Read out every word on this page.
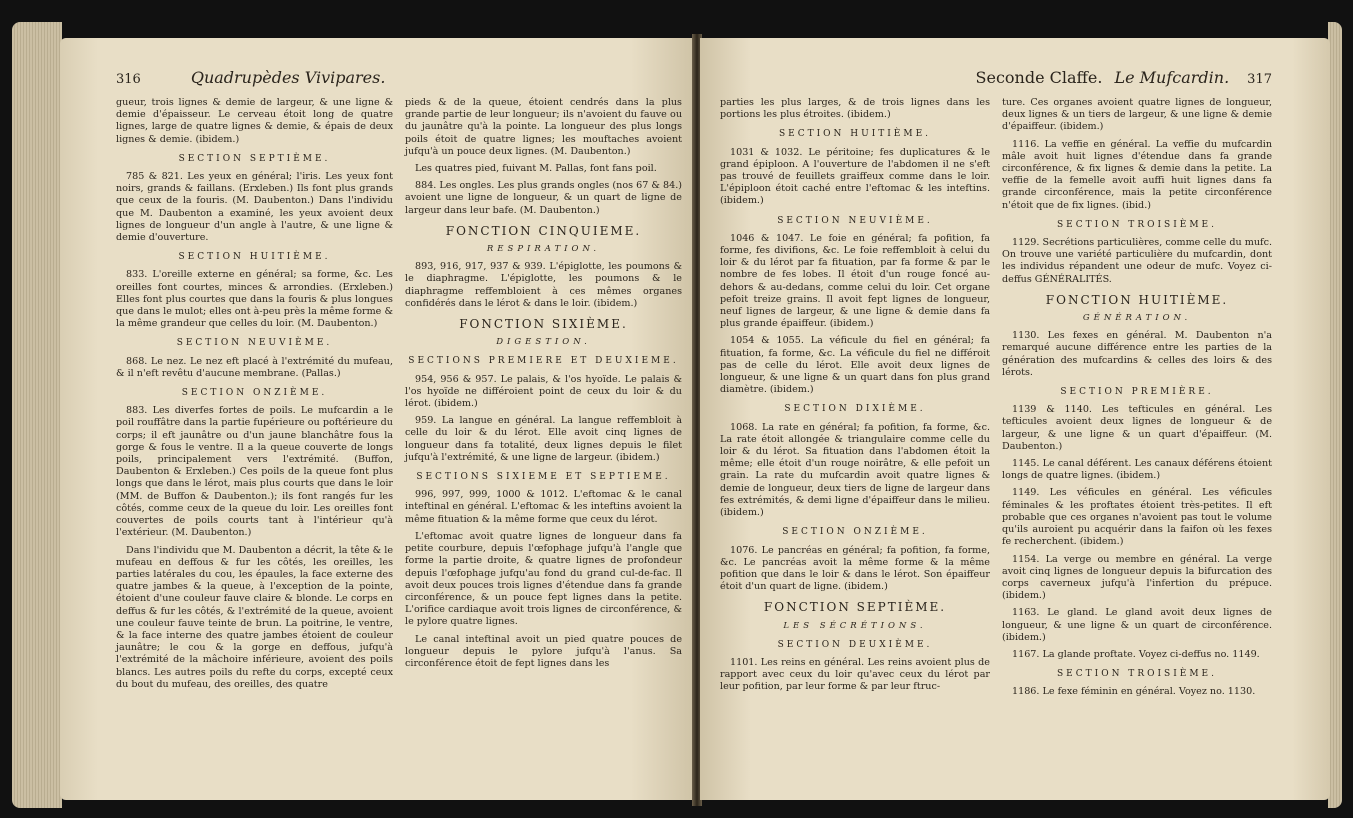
316	Quadrupèdes Vivipares.

gueur, trois lignes & demie de largeur, & une ligne & demie d'épaisseur. Le cerveau étoit long de quatre lignes, large de quatre lignes & demie, & épais de deux lignes & demie. (ibidem.)

SECTION SEPTIÈME.

785 & 821. Les yeux en général; l'iris. Les yeux font noirs, grands & faillans. (Erxleben.) Ils font plus grands que ceux de la fouris. (M. Daubenton.) Dans l'individu que M. Daubenton a examiné, les yeux avoient deux lignes de longueur d'un angle à l'autre, & une ligne & demie d'ouverture.

SECTION HUITIÈME.

833. L'oreille externe en général; sa forme, &c. Les oreilles font courtes, minces & arrondies. (Erxleben.) Elles font plus courtes que dans la fouris & plus longues que dans le mulot; elles ont à-peu près la même forme & la même grandeur que celles du loir. (M. Daubenton.)

SECTION NEUVIÈME.

868. Le nez. Le nez eft placé à l'extrémité du mufeau, & il n'eft revêtu d'aucune membrane. (Pallas.)

SECTION ONZIÈME.

883. Les diverfes fortes de poils. Le mufcardin a le poil rouffâtre dans la partie fupérieure ou poftérieure du corps; il eft jaunâtre ou d'un jaune blanchâtre fous la gorge & fous le ventre. Il a la queue couverte de longs poils, principalement vers l'extrémité. (Buffon, Daubenton & Erxleben.) Ces poils de la queue font plus longs que dans le lérot, mais plus courts que dans le loir (MM. de Buffon & Daubenton.); ils font rangés fur les côtés, comme ceux de la queue du loir. Les oreilles font couvertes de poils courts tant à l'intérieur qu'à l'extérieur. (M. Daubenton.)

Dans l'individu que M. Daubenton a décrit, la tête & le mufeau en deffous & fur les côtés, les oreilles, les parties latérales du cou, les épaules, la face externe des quatre jambes & la queue, à l'exception de la pointe, étoient d'une couleur fauve claire & blonde. Le corps en deffus & fur les côtés, & l'extrémité de la queue, avoient une couleur fauve teinte de brun. La poitrine, le ventre, & la face interne des quatre jambes étoient de couleur jaunâtre; le cou & la gorge en deffous, jufqu'à l'extrémité de la mâchoire inférieure, avoient des poils blancs. Les autres poils du refte du corps, excepté ceux du bout du mufeau, des oreilles, des quatre

pieds & de la queue, étoient cendrés dans la plus grande partie de leur longueur; ils n'avoient du fauve ou du jaunâtre qu'à la pointe. La longueur des plus longs poils étoit de quatre lignes; les mouftaches avoient jufqu'à un pouce deux lignes. (M. Daubenton.)

Les quatres pied, fuivant M. Pallas, font fans poil.

884. Les ongles. Les plus grands ongles (nos 67 & 84.) avoient une ligne de longueur, & un quart de ligne de largeur dans leur bafe. (M. Daubenton.)

FONCTION CINQUIEME.
RESPIRATION.

893, 916, 917, 937 & 939. L'épiglotte, les poumons & le diaphragme. L'épiglotte, les poumons & le diaphragme reffembloient à ces mêmes organes confidérés dans le lérot & dans le loir. (ibidem.)

FONCTION SIXIÈME.
DIGESTION.
SECTIONS PREMIERE ET DEUXIEME.

954, 956 & 957. Le palais, & l'os hyoïde. Le palais & l'os hyoïde ne différoient point de ceux du loir & du lérot. (ibidem.)

959. La langue en général. La langue reffembloit à celle du loir & du lérot. Elle avoit cinq lignes de longueur dans fa totalité, deux lignes depuis le filet jufqu'à l'extrémité, & une ligne de largeur. (ibidem.)

SECTIONS SIXIEME ET SEPTIEME.

996, 997, 999, 1000 & 1012. L'eftomac & le canal inteftinal en général. L'eftomac & les inteftins avoient la même fituation & la même forme que ceux du lérot.

L'eftomac avoit quatre lignes de longueur dans fa petite courbure, depuis l'œfophage jufqu'à l'angle que forme la partie droite, & quatre lignes de profondeur depuis l'œfophage jufqu'au fond du grand cul-de-fac. Il avoit deux pouces trois lignes d'étendue dans fa grande circonférence, & un pouce fept lignes dans la petite. L'orifice cardiaque avoit trois lignes de circonférence, & le pylore quatre lignes.

Le canal inteftinal avoit un pied quatre pouces de longueur depuis le pylore jufqu'à l'anus. Sa circonférence étoit de fept lignes dans les

Seconde Claffe. Le Mufcardin. 317

parties les plus larges, & de trois lignes dans les portions les plus étroites. (ibidem.)

SECTION HUITIÈME.

1031 & 1032. Le péritoine; fes duplicatures & le grand épiploon. A l'ouverture de l'abdomen il ne s'eft pas trouvé de feuillets graiffeux comme dans le loir. L'épiploon étoit caché entre l'eftomac & les inteftins. (ibidem.)

SECTION NEUVIÈME.

1046 & 1047. Le foie en général; fa pofition, fa forme, fes divifions, &c. Le foie reffembloit à celui du loir & du lérot par fa fituation, par fa forme & par le nombre de fes lobes. Il étoit d'un rouge foncé au-dehors & au-dedans, comme celui du loir. Cet organe pefoit treize grains. Il avoit fept lignes de longueur, neuf lignes de largeur, & une ligne & demie dans fa plus grande épaiffeur. (ibidem.)

1054 & 1055. La véficule du fiel en général; fa fituation, fa forme, &c. La véficule du fiel ne différoit pas de celle du lérot. Elle avoit deux lignes de longueur, & une ligne & un quart dans fon plus grand diamètre. (ibidem.)

SECTION DIXIÈME.

1068. La rate en général; fa pofition, fa forme, &c. La rate étoit allongée & triangulaire comme celle du loir & du lérot. Sa fituation dans l'abdomen étoit la même; elle étoit d'un rouge noirâtre, & elle pefoit un grain. La rate du mufcardin avoit quatre lignes & demie de longueur, deux tiers de ligne de largeur dans fes extrémités, & demi ligne d'épaiffeur dans le milieu. (ibidem.)

SECTION ONZIÈME.

1076. Le pancréas en général; fa pofition, fa forme, &c. Le pancréas avoit la même forme & la même pofition que dans le loir & dans le lérot. Son épaiffeur étoit d'un quart de ligne. (ibidem.)

FONCTION SEPTIÈME.
LES SÉCRÉTIONS.
SECTION DEUXIÈME.

1101. Les reins en général. Les reins avoient plus de rapport avec ceux du loir qu'avec ceux du lérot par leur pofition, par leur forme & par leur ftruc-

ture. Ces organes avoient quatre lignes de longueur, deux lignes & un tiers de largeur, & une ligne & demie d'épaiffeur. (ibidem.)

1116. La veffie en général. La veffie du mufcardin mâle avoit huit lignes d'étendue dans fa grande circonférence, & fix lignes & demie dans la petite. La veffie de la femelle avoit auffi huit lignes dans fa grande circonférence, mais la petite circonférence n'étoit que de fix lignes. (ibid.)

SECTION TROISIÈME.

1129. Secrétions particulières, comme celle du mufc. On trouve une variété particulière du mufcardin, dont les individus répandent une odeur de mufc. Voyez ci-deffus GÉNÉRALITÉS.

FONCTION HUITIÈME.
GÉNÉRATION.

1130. Les fexes en général. M. Daubenton n'a remarqué aucune différence entre les parties de la génération des mufcardins & celles des loirs & des lérots.

SECTION PREMIÈRE.

1139 & 1140. Les tefticules en général. Les tefticules avoient deux lignes de longueur & de largeur, & une ligne & un quart d'épaiffeur. (M. Daubenton.)

1145. Le canal déférent. Les canaux déférens étoient longs de quatre lignes. (ibidem.)

1149. Les véficules en général. Les véficules féminales & les proftates étoient très-petites. Il eft probable que ces organes n'avoient pas tout le volume qu'ils auroient pu acquérir dans la faifon où les fexes fe recherchent. (ibidem.)

1154. La verge ou membre en général. La verge avoit cinq lignes de longueur depuis la bifurcation des corps caverneux jufqu'à l'infertion du prépuce. (ibidem.)

1163. Le gland. Le gland avoit deux lignes de longueur, & une ligne & un quart de circonférence. (ibidem.)

1167. La glande proftate. Voyez ci-deffus no. 1149.

SECTION TROISIÈME.

1186. Le fexe féminin en général. Voyez no. 1130.
